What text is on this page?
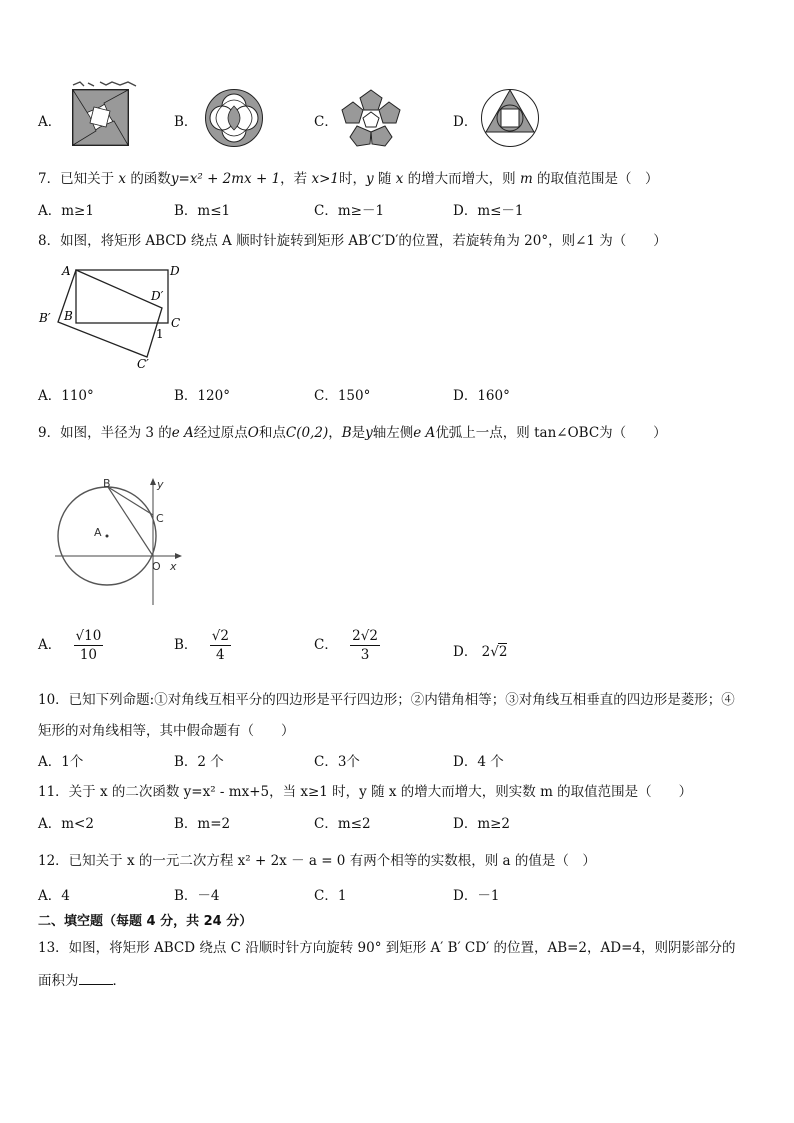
A．	B．	C．	D．
7．已知关于 x 的函数y=x² + 2mx + 1，若 x>1时，y 随 x 的增大而增大，则 m 的取值范围是（　）
A．m≥1	B．m≤1	C．m≥－1	D．m≤－1
8．如图，将矩形 ABCD 绕点 A 顺时针旋转到矩形 AB′C′D′的位置，若旋转角为 20°，则∠1 为（　　）
A	D
D′
B′ B	C
1
C′
A．110°	B．120°	C．150°	D．160°
9．如图，半径为 3 的e A经过原点O和点C(0,2)，B是y轴左侧e A优弧上一点，则 tan∠OBC为（　　）
B	y
C
A
O x
A． $\frac{√10}{10}$	B． $\frac{√2}{4}$	C． $\frac{2√2}{3}$	D． 2√2
10．已知下列命题:①对角线互相平分的四边形是平行四边形；②内错角相等；③对角线互相垂直的四边形是菱形；④
矩形的对角线相等，其中假命题有（　　）
A．1个	B．2 个	C．3个	D．4 个
11．关于 x 的二次函数 y=x² - mx+5，当 x≥1 时，y 随 x 的增大而增大，则实数 m 的取值范围是（　　）
A．m<2	B．m=2	C．m≤2	D．m≥2
12．已知关于 x 的一元二次方程 x² + 2x － a = 0 有两个相等的实数根，则 a 的值是（　）
A．4	B．－4	C．1	D．－1
二、填空题（每题 4 分，共 24 分）
13．如图，将矩形 ABCD 绕点 C 沿顺时针方向旋转 90° 到矩形 A′ B′ CD′ 的位置，AB=2，AD=4，则阴影部分的
面积为	．
